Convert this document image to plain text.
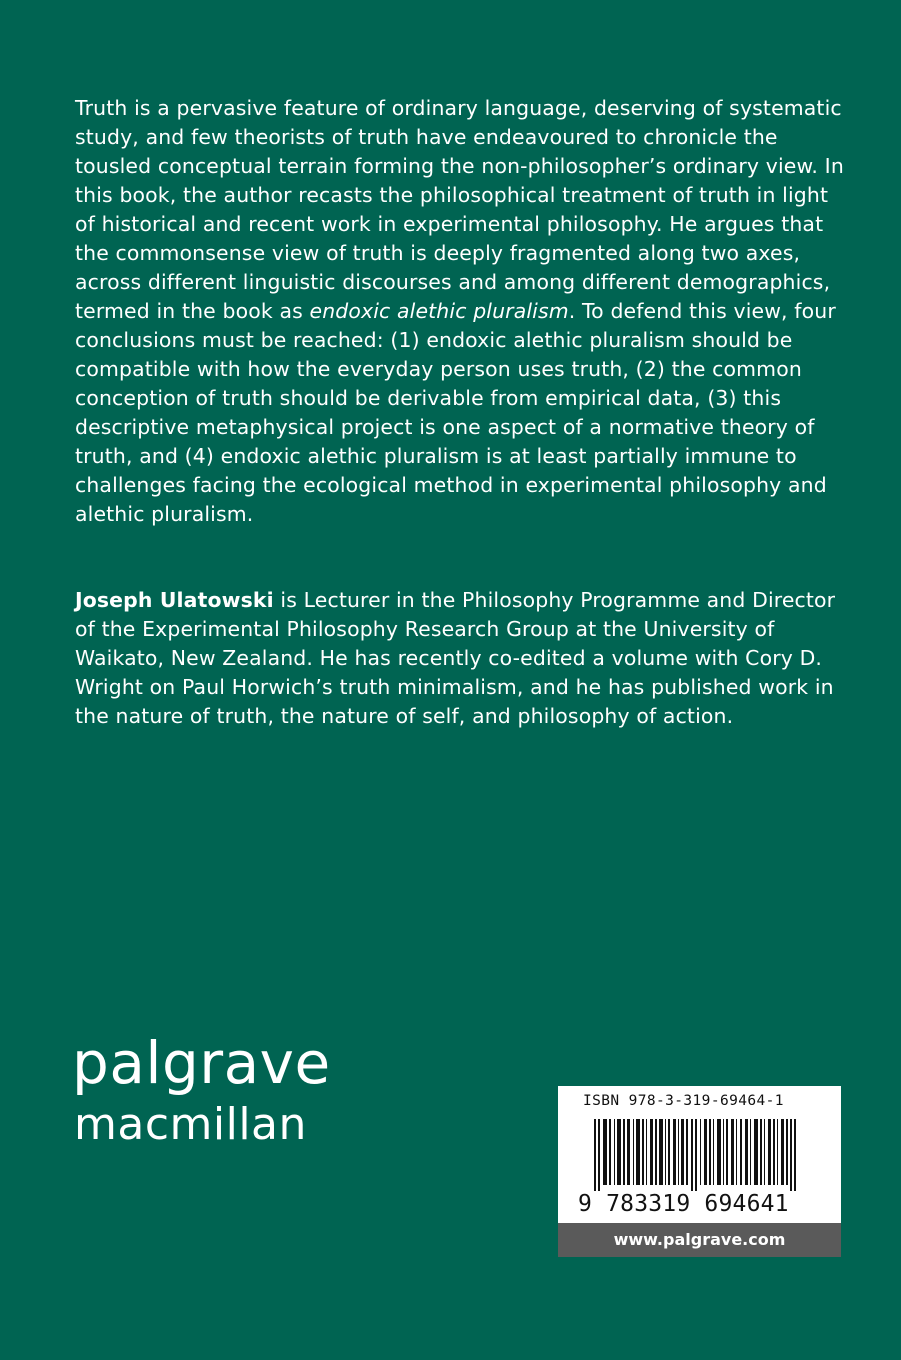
Truth is a pervasive feature of ordinary language, deserving of systematic study, and few theorists of truth have endeavoured to chronicle the tousled conceptual terrain forming the non-philosopher’s ordinary view. In this book, the author recasts the philosophical treatment of truth in light of historical and recent work in experimental philosophy. He argues that the commonsense view of truth is deeply fragmented along two axes, across different linguistic discourses and among different demographics, termed in the book as endoxic alethic pluralism. To defend this view, four conclusions must be reached: (1) endoxic alethic pluralism should be compatible with how the everyday person uses truth, (2) the common conception of truth should be derivable from empirical data, (3) this descriptive metaphysical project is one aspect of a normative theory of truth, and (4) endoxic alethic pluralism is at least partially immune to challenges facing the ecological method in experimental philosophy and alethic pluralism.

Joseph Ulatowski is Lecturer in the Philosophy Programme and Director of the Experimental Philosophy Research Group at the University of Waikato, New Zealand. He has recently co-edited a volume with Cory D. Wright on Paul Horwich’s truth minimalism, and he has published work in the nature of truth, the nature of self, and philosophy of action.

palgrave
macmillan	ISBN 978-3-319-69464-1
9 783319 694641
www.palgrave.com
